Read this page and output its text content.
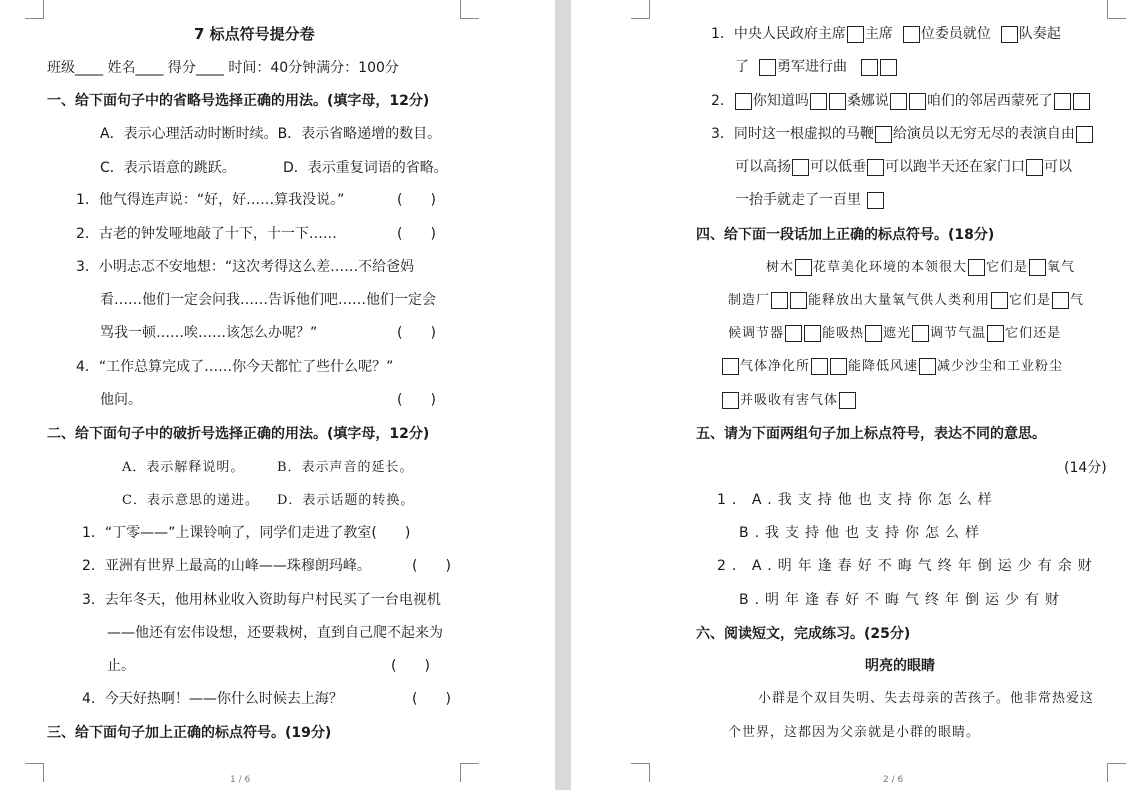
7 标点符号提分卷
班级____ 姓名____ 得分____ 时间：40分钟满分：100分
一、给下面句子中的省略号选择正确的用法。(填字母，12分)
A．表示心理活动时断时续。B．表示省略递增的数目。
C．表示语意的跳跃。	D．表示重复词语的省略。
1．他气得连声说：“好，好……算我没说。”	(　　)
2．古老的钟发哑地敲了十下，十一下……	(　　)
3．小明忐忑不安地想：“这次考得这么差……不给爸妈
看……他们一定会问我……告诉他们吧……他们一定会
骂我一顿……唉……该怎么办呢？”	(　　)
4．“工作总算完成了……你今天都忙了些什么呢？”
他问。	(　　)
二、给下面句子中的破折号选择正确的用法。(填字母，12分)
A．表示解释说明。	B．表示声音的延长。
C．表示意思的递进。 D．表示话题的转换。
1．“丁零——”上课铃响了，同学们走进了教室(　　)
2．亚洲有世界上最高的山峰——珠穆朗玛峰。	(　　)
3．去年冬天，他用林业收入资助每户村民买了一台电视机
——他还有宏伟设想，还要栽树，直到自己爬不起来为
止。	(　　)
4．今天好热啊！——你什么时候去上海？	(　　)
三、给下面句子加上正确的标点符号。(19分)
1 / 6
1．中央人民政府主席 主席 位委员就位 队奏起
了 勇军进行曲
2． 你知道吗	桑娜说	咱们的邻居西蒙死了
3．同时这一根虚拟的马鞭 给演员以无穷无尽的表演自由
可以高扬 可以低垂 可以跑半天还在家门口 可以
一抬手就走了一百里
四、给下面一段话加上正确的标点符号。(18分)
树木 花草美化环境的本领很大 它们是 氧气
制造厂	能释放出大量氧气供人类利用 它们是 气
候调节器	能吸热 遮光 调节气温 它们还是
气体净化所	能降低风速 减少沙尘和工业粉尘
并吸收有害气体
五、请为下面两组句子加上标点符号，表达不同的意思。
(14分)
1．A.我支持他也支持你怎么样
B.我支持他也支持你怎么样
2．A.明年逢春好不晦气终年倒运少有余财
B.明年逢春好不晦气终年倒运少有财
六、阅读短文，完成练习。(25分)
明亮的眼睛
小群是个双目失明、失去母亲的苦孩子。他非常热爱这
个世界，这都因为父亲就是小群的眼睛。
2 / 6
